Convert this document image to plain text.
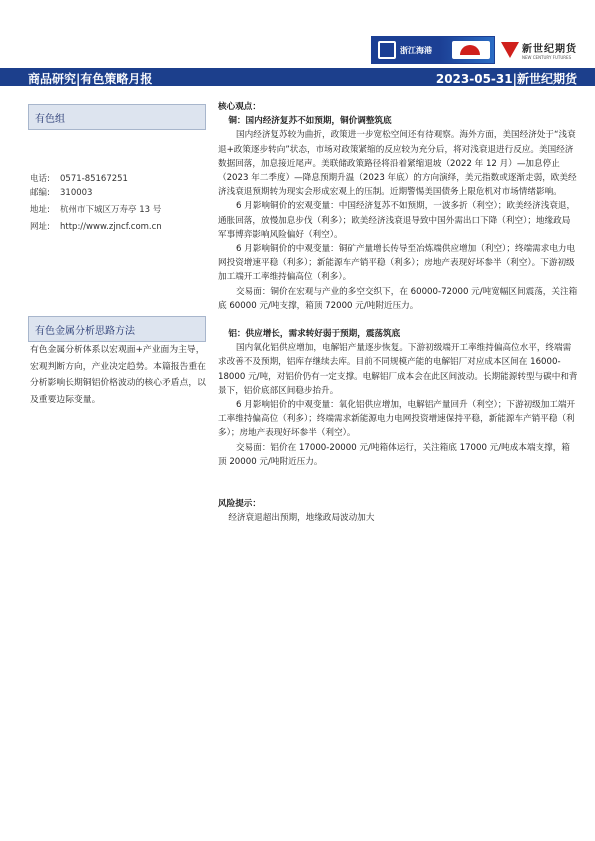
浙江海港	新世纪期货
NEW CENTURY FUTURES
商品研究|有色策略月报	2023-05-31|新世纪期货
有色组
电话: 0571-85167251
邮编: 310003
地址: 杭州市下城区万寿亭 13 号
网址: http://www.zjncf.com.cn
有色金属分析思路方法
有色金属分析体系以宏观面+产业面为主导，宏观判断方向，产业决定趋势。本篇报告重在分析影响长期铜铝价格波动的核心矛盾点，以及重要边际变量。

核心观点：

铜：国内经济复苏不如预期，铜价调整筑底

国内经济复苏较为曲折，政策进一步宽松空间还有待观察。海外方面，美国经济处于“浅衰退+政策逐步转向”状态，市场对政策紧缩的反应较为充分后，将对浅衰退进行反应。美国经济数据回落，加息接近尾声。美联储政策路径将沿着紧缩退坡（2022 年 12 月）—加息停止（2023 年二季度）—降息预期升温（2023 年底）的方向演绎，美元指数或逐渐走弱，欧美经济浅衰退预期转为现实会形成宏观上的压制。近期警惕美国债务上限危机对市场情绪影响。

6 月影响铜价的宏观变量：中国经济复苏不如预期，一波多折（利空）；欧美经济浅衰退，通胀回落，放慢加息步伐（利多）；欧美经济浅衰退导致中国外需出口下降（利空）；地缘政局军事博弈影响风险偏好（利空）。

6 月影响铜价的中观变量：铜矿产量增长传导至冶炼端供应增加（利空）；终端需求电力电网投资增速平稳（利多）；新能源车产销平稳（利多）；房地产表现好坏参半（利空）。下游初级加工端开工率维持偏高位（利多）。

交易面：铜价在宏观与产业的多空交织下，在 60000-72000 元/吨宽幅区间震荡，关注箱底 60000 元/吨支撑，箱顶 72000 元/吨附近压力。

铝：供应增长，需求转好弱于预期，震荡筑底

国内氧化铝供应增加，电解铝产量逐步恢复。下游初级端开工率维持偏高位水平，终端需求改善不及预期，铝库存继续去库。目前不同规模产能的电解铝厂对应成本区间在 16000-18000 元/吨，对铝价仍有一定支撑。电解铝厂成本会在此区间波动。长期能源转型与碳中和背景下，铝价底部区间稳步抬升。

6 月影响铝价的中观变量：氧化铝供应增加，电解铝产量回升（利空）；下游初级加工端开工率维持偏高位（利多）；终端需求新能源电力电网投资增速保持平稳，新能源车产销平稳（利多）；房地产表现好坏参半（利空）。

交易面：铝价在 17000-20000 元/吨箱体运行，关注箱底 17000 元/吨成本端支撑，箱顶 20000 元/吨附近压力。

风险提示：

经济衰退超出预期，地缘政局波动加大
